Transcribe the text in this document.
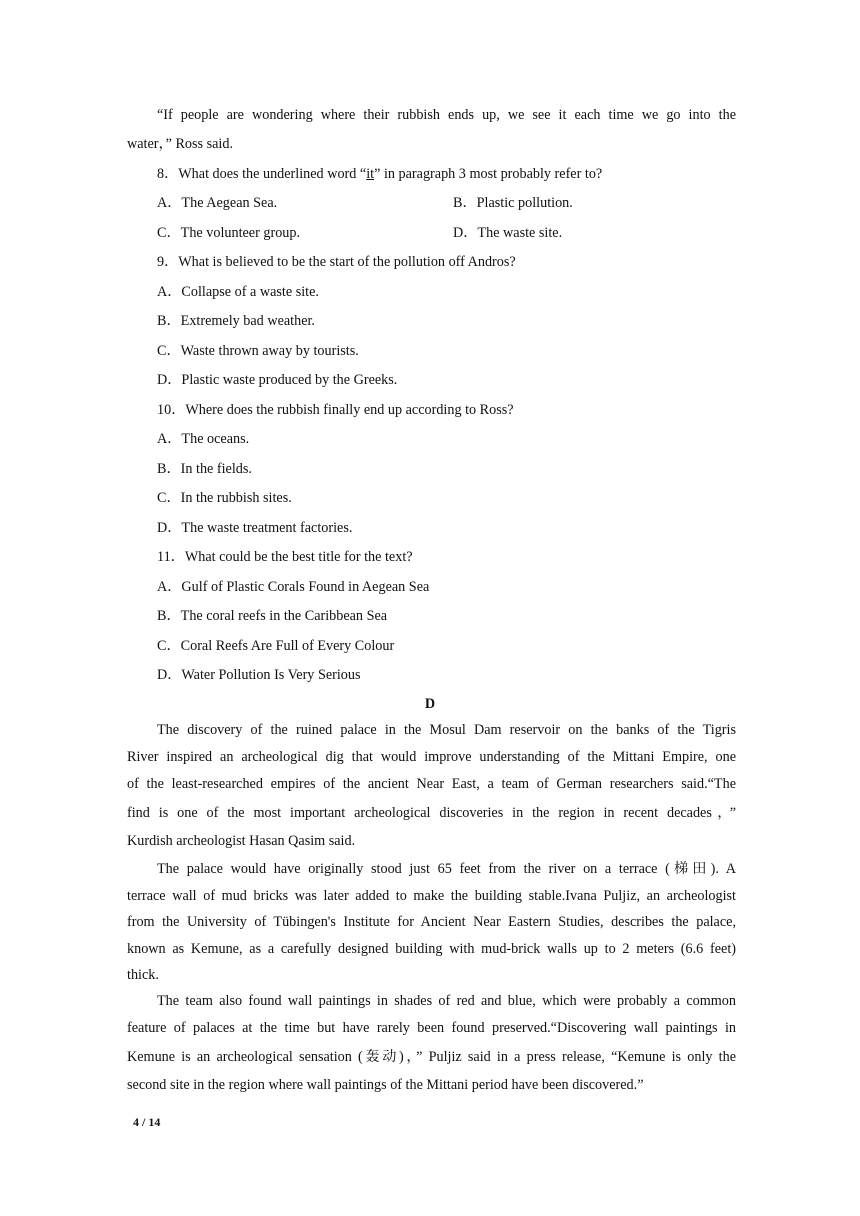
“If people are wondering where their rubbish ends up, we see it each time we go into the
water，” Ross said.
8．What does the underlined word “it” in paragraph 3 most probably refer to?
A．The Aegean Sea.	B．Plastic pollution.
C．The volunteer group.	D．The waste site.
9．What is believed to be the start of the pollution off Andros?
A．Collapse of a waste site.
B．Extremely bad weather.
C．Waste thrown away by tourists.
D．Plastic waste produced by the Greeks.
10．Where does the rubbish finally end up according to Ross?
A．The oceans.
B．In the fields.
C．In the rubbish sites.
D．The waste treatment factories.
11．What could be the best title for the text?
A．Gulf of Plastic Corals Found in Aegean Sea
B．The coral reefs in the Caribbean Sea
C．Coral Reefs Are Full of Every Colour
D．Water Pollution Is Very Serious
D
The discovery of the ruined palace in the Mosul Dam reservoir on the banks of the Tigris
River inspired an archeological dig that would improve understanding of the Mittani Empire, one
of the least-researched empires of the ancient Near East, a team of German researchers said.“The
find is one of the most important archeological discoveries in the region in recent decades，”
Kurdish archeologist Hasan Qasim said.
The palace would have originally stood just 65 feet from the river on a terrace (梯田). A
terrace wall of mud bricks was later added to make the building stable.Ivana Puljiz, an archeologist
from the University of Tübingen's Institute for Ancient Near Eastern Studies, describes the palace,
known as Kemune, as a carefully designed building with mud-brick walls up to 2 meters (6.6 feet)
thick.
The team also found wall paintings in shades of red and blue, which were probably a common
feature of palaces at the time but have rarely been found preserved.“Discovering wall paintings in
Kemune is an archeological sensation (轰动)，” Puljiz said in a press release, “Kemune is only the
second site in the region where wall paintings of the Mittani period have been discovered.”
4 / 14
